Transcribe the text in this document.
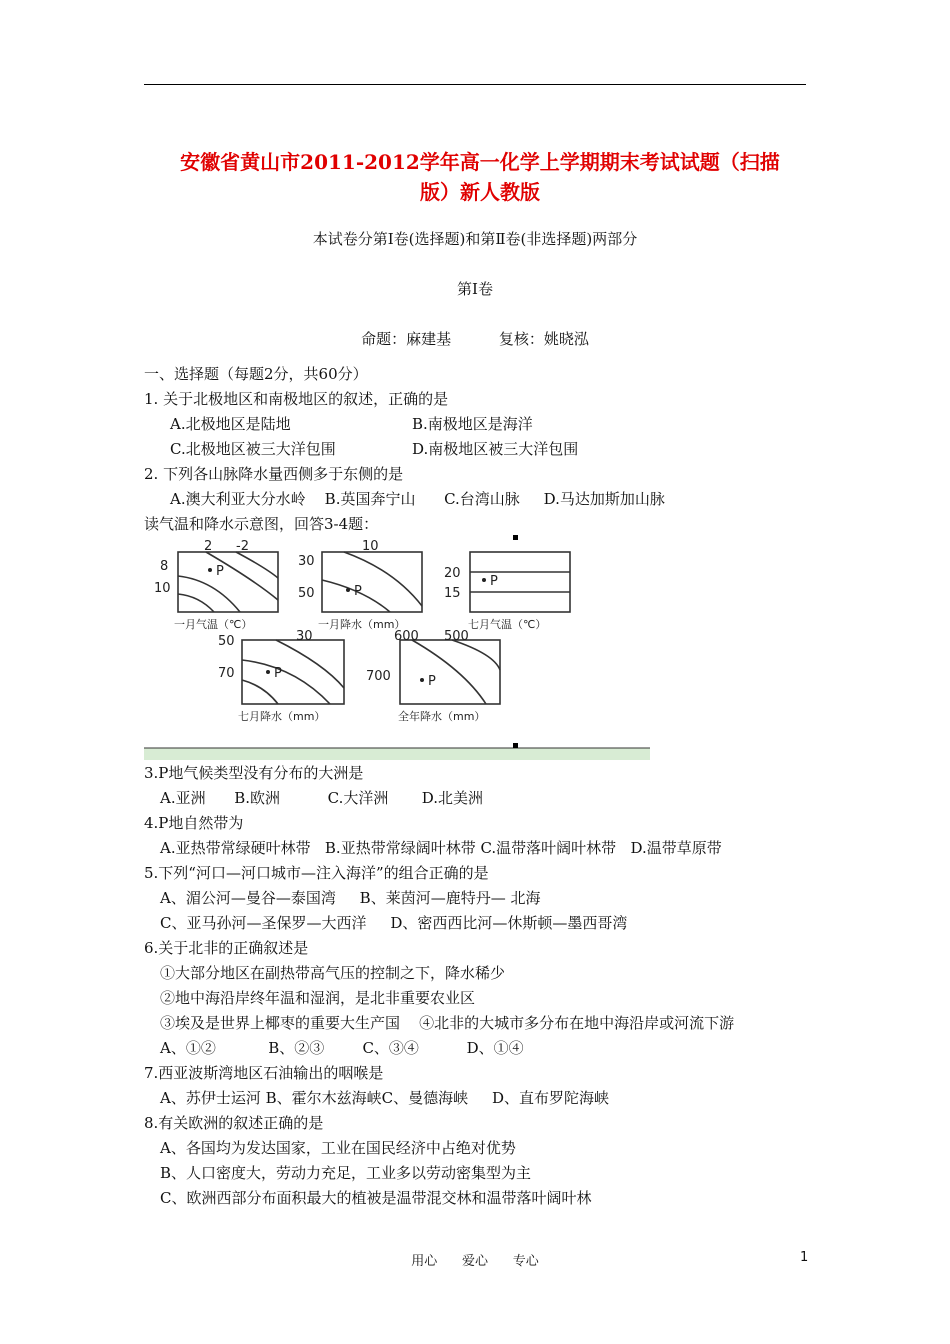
安徽省黄山市2011-2012学年高一化学上学期期末考试试题（扫描
版）新人教版
本试卷分第Ⅰ卷(选择题)和第Ⅱ卷(非选择题)两部分
第Ⅰ卷
命题：麻建基          复核：姚晓泓
一、选择题（每题2分，共60分）
1. 关于北极地区和南极地区的叙述，正确的是
A.北极地区是陆地	B.南极地区是海洋
C.北极地区被三大洋包围	D.南极地区被三大洋包围
2. 下列各山脉降水量西侧多于东侧的是
A.澳大利亚大分水岭    B.英国奔宁山      C.台湾山脉     D.马达加斯加山脉
读气温和降水示意图，回答3-4题：
P
P
P
P
P
2 -2
8
10
一月气温（℃）
10
30
50
一月降水（mm）
20
15
七月气温（℃）
30
50
70
七月降水（mm）
600 500
700
全年降水（mm）
3.P地气候类型没有分布的大洲是
A.亚洲      B.欧洲          C.大洋洲       D.北美洲
4.P地自然带为
A.亚热带常绿硬叶林带   B.亚热带常绿阔叶林带 C.温带落叶阔叶林带   D.温带草原带
5.下列“河口—河口城市—注入海洋”的组合正确的是
A、湄公河—曼谷—泰国湾     B、莱茵河—鹿特丹— 北海
C、亚马孙河—圣保罗—大西洋     D、密西西比河—休斯顿—墨西哥湾
6.关于北非的正确叙述是
①大部分地区在副热带高气压的控制之下，降水稀少
②地中海沿岸终年温和湿润，是北非重要农业区
③埃及是世界上椰枣的重要大生产国    ④北非的大城市多分布在地中海沿岸或河流下游
A、①②           B、②③        C、③④          D、①④
7.西亚波斯湾地区石油输出的咽喉是
A、苏伊士运河 B、霍尔木兹海峡C、曼德海峡     D、直布罗陀海峡
8.有关欧洲的叙述正确的是
A、各国均为发达国家，工业在国民经济中占绝对优势
B、人口密度大，劳动力充足，工业多以劳动密集型为主
C、欧洲西部分布面积最大的植被是温带混交林和温带落叶阔叶林
用心      爱心      专心	1
